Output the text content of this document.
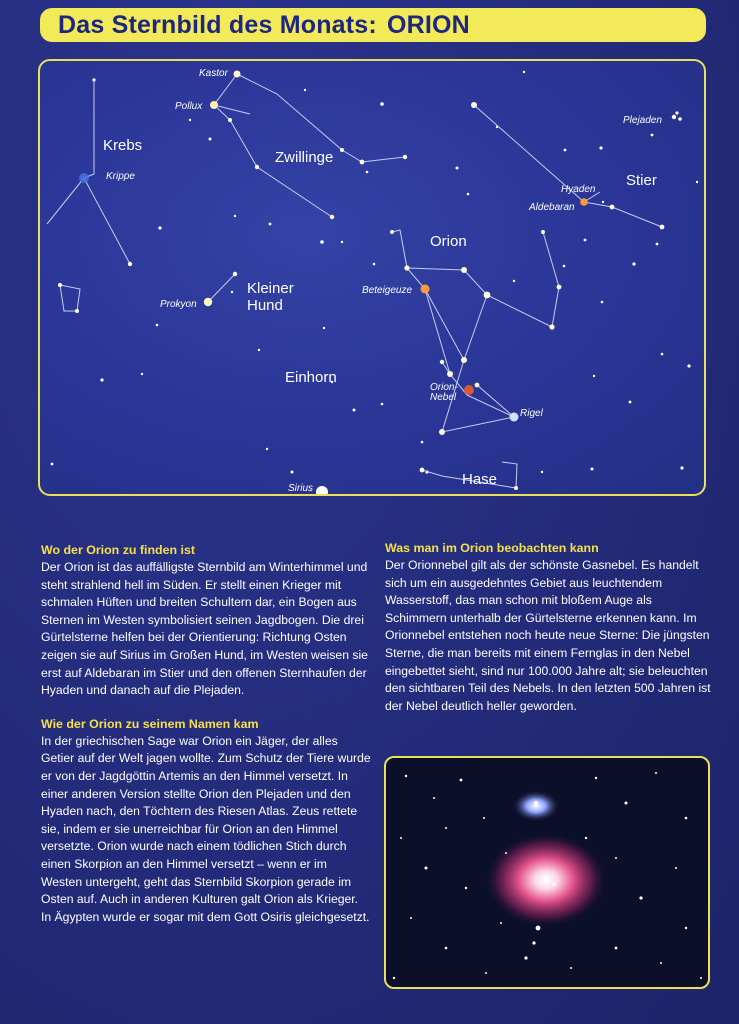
Das Sternbild des Monats: ORION
Krebs
Zwillinge
Stier
Orion
Kleiner
Hund
Einhorn
Hase
Kastor
Pollux
Krippe
Plejaden
Hyaden
Aldebaran
Beteigeuze
Prokyon
Orion-
Nebel
Rigel
Sirius

Wo der Orion zu finden ist

Der Orion ist das auffälligste Sternbild am Winterhimmel und steht strahlend hell im Süden. Er stellt einen Krieger mit schmalen Hüften und breiten Schultern dar, ein Bogen aus Sternen im Westen symbolisiert seinen Jagdbogen. Die drei Gürtelsterne helfen bei der Orientierung: Richtung Osten zeigen sie auf Sirius im Großen Hund, im Westen weisen sie erst auf Aldebaran im Stier und den offenen Sternhaufen der Hyaden und danach auf die Plejaden.

Wie der Orion zu seinem Namen kam

In der griechischen Sage war Orion ein Jäger, der alles Getier auf der Welt jagen wollte. Zum Schutz der Tiere wurde er von der Jagdgöttin Artemis an den Himmel versetzt. In einer anderen Version stellte Orion den Plejaden und den Hyaden nach, den Töchtern des Riesen Atlas. Zeus rettete sie, indem er sie unerreichbar für Orion an den Himmel versetzte. Orion wurde nach einem tödlichen Stich durch einen Skorpion an den Himmel versetzt – wenn er im Westen untergeht, geht das Sternbild Skorpion gerade im Osten auf. Auch in anderen Kulturen galt Orion als Krieger. In Ägypten wurde er sogar mit dem Gott Osiris gleichgesetzt.

Was man im Orion beobachten kann

Der Orionnebel gilt als der schönste Gasnebel. Es handelt sich um ein ausgedehntes Gebiet aus leuchtendem Wasserstoff, das man schon mit bloßem Auge als Schimmern unterhalb der Gürtelsterne erkennen kann. Im Orionnebel entstehen noch heute neue Sterne: Die jüngsten Sterne, die man bereits mit einem Fernglas in den Nebel eingebettet sieht, sind nur 100.000 Jahre alt; sie beleuchten den sichtbaren Teil des Nebels. In den letzten 500 Jahren ist der Nebel deutlich heller geworden.
